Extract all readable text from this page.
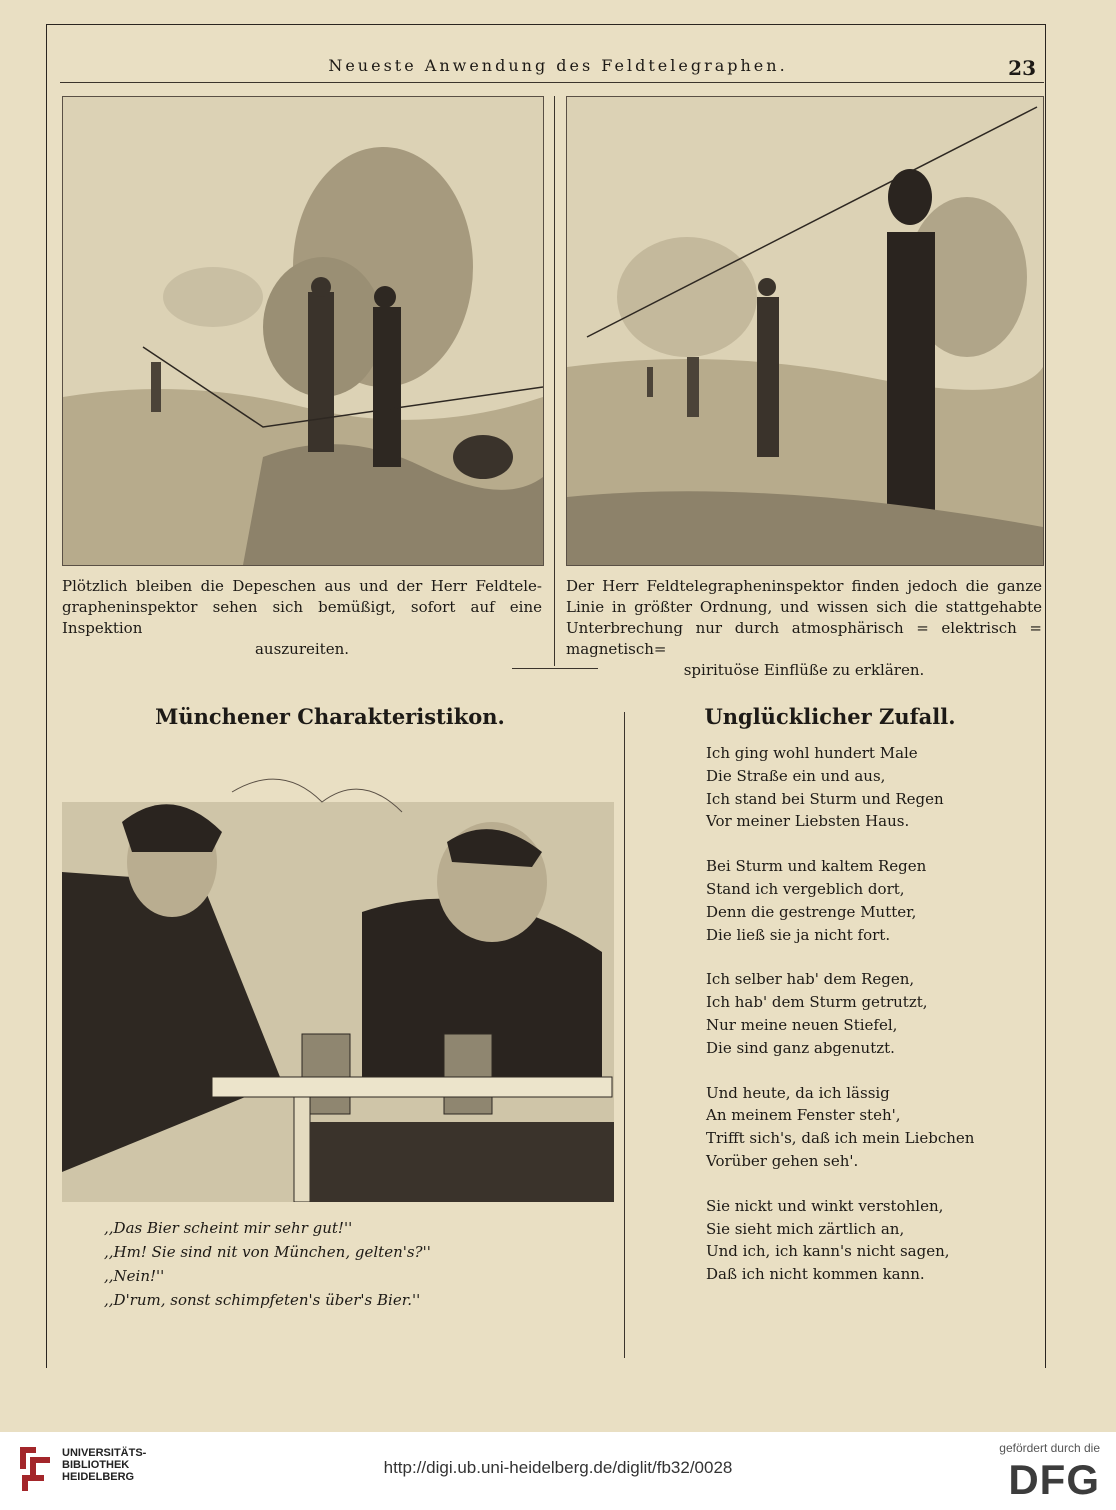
Neueste Anwendung des Feldtelegraphen.	23
Plötzlich bleiben die Depeschen aus und der Herr Feldtele-grapheninspektor sehen sich bemüßigt, sofort auf eine Inspektion
auszureiten.
Der Herr Feldtelegrapheninspektor finden jedoch die ganze Linie in größter Ordnung, und wissen sich die stattgehabte Unterbrechung nur durch atmosphärisch = elektrisch = magnetisch=
spirituöse Einflüße zu erklären.
Münchener Charakteristikon.	Unglücklicher Zufall.
,,Das Bier scheint mir sehr gut!''
,,Hm! Sie sind nit von München, gelten's?''
,,Nein!''
,,D'rum, sonst schimpfeten's über's Bier.''
Ich ging wohl hundert Male
Die Straße ein und aus,
Ich stand bei Sturm und Regen
Vor meiner Liebsten Haus.
Bei Sturm und kaltem Regen
Stand ich vergeblich dort,
Denn die gestrenge Mutter,
Die ließ sie ja nicht fort.
Ich selber hab' dem Regen,
Ich hab' dem Sturm getrutzt,
Nur meine neuen Stiefel,
Die sind ganz abgenutzt.
Und heute, da ich lässig
An meinem Fenster steh',
Trifft sich's, daß ich mein Liebchen
Vorüber gehen seh'.
Sie nickt und winkt verstohlen,
Sie sieht mich zärtlich an,
Und ich, ich kann's nicht sagen,
Daß ich nicht kommen kann.
UNIVERSITÄTS-
BIBLIOTHEK
HEIDELBERG	http://digi.ub.uni-heidelberg.de/diglit/fb32/0028
gefördert durch die
DFG
